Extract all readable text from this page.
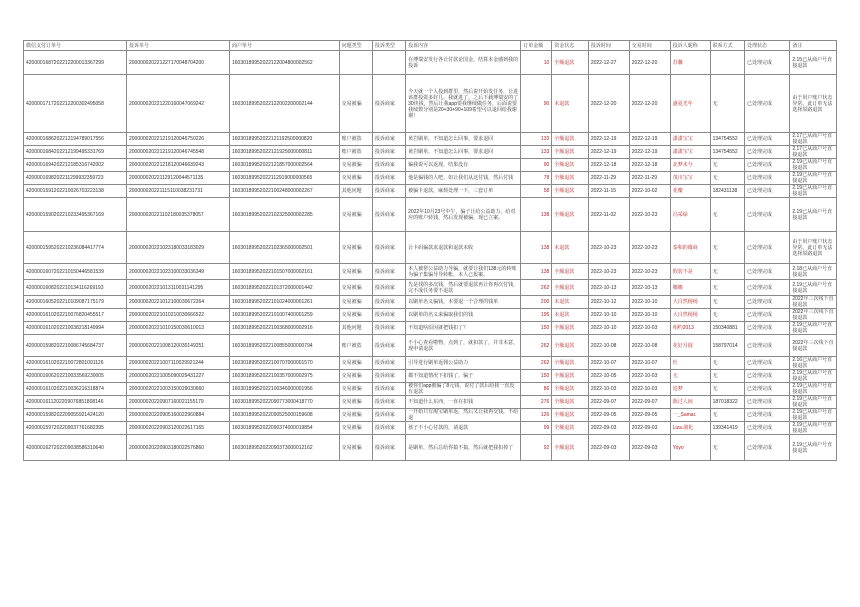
微信支付订单号	投诉单号	商户单号	问题类型	投诉类型	投诉内容	订单金额	资金状态	投诉时间	交易时间	投诉人昵称	联系方式	处理状态	备注
4200001687202212200013367299	200000020221227170048704200	16030189952022122004800002562			在博瑞安发行各让付款论国金，结算本金感到我的投诉	10	全额退款	2022-12-27	2022-12-20	苏馨		已处理完成	2.15已从商户号直接退款
4200001717202212200302495058	200000020221220160047069242	16030189952022122002200002144	交易被骗	投诉商家	今天就一个人投到群里，然后说开始发任务，让进该群投资多好几，我就进了，之后下载博瑞安的了30块钱，然后让我app要我继续做任务，后面说要我续数分别是20+30+90+109希望可以退回给我谢谢！	90	未退款	2022-12-20	2022-12-20	盛夏光年	无	已处理完成	由于用户账户状态异常，此订单无法选择原路退款
4200001686202212194789017556	200000020221219120046750226	16030189952022121192500000820	账户被盗	投诉商家	黄岩刷单，不知道怎么回事，要求退回	133	全额退款	2022-12-19	2022-12-19	潇潇宝宝	134754552	已处理完成	2.17已从商户号直接退款
4200001684202212199495331769	200000020221219120046745548	16030189952022121925000000811	账户被盗	投诉商家	黄岩刷单，不知道怎么回事，要求退回	133	全额退款	2022-12-19	2022-12-19	潇潇宝宝	134754552	已处理完成	2.17已从商户号直接退款
4200001694202212185316742002	200000020221218120046639243	16030189952022121857000002564	交易被骗	投诉商家	骗我说可以返现，结果没有	90	全额退款	2022-12-18	2022-12-18	北梦未兮	无	已处理完成	2.19已从商户号直接退款
4200001698202211299932359723	200000020221129120044571135	16030189952022112919000000565	交易被骗	投诉商家	他是骗钱的人吧，如让我们从这付钱，然后付钱	78	全额退款	2022-11-29	2022-11-29	茂川宝宝	无	已处理完成	2.19已从商户号直接退款
4200001591202210026703223138	200000020221115110038231731	16030189952022100248000002267	其他问题	投诉商家	被骗卡退款，麻烦处理一下，三套订单	58	全额退款	2022-11-15	2022-10-02	花瓣	182431138	已处理完成	2.19已从商户号直接退款
4200001590202210233495367169	200000020221102180035378057	16030189952022102325000002285	交易被骗	投诉商家	2022年10月23号中午，骗子让给公益助力，给对应的账户转钱，然后发现被骗，现已立案。	138	全额退款	2022-11-02	2022-10-23	冯采绿	无	已处理完成	2.19已从商户号直接退款
4200001595202210236084417774	200000020221023180033183029	16030189952022102365000002501	交易被骗	投诉商家	让卡码骗款求退款和退款未收	138	未退款	2022-10-23	2022-10-23	泰和的微商	无	已处理完成	由于用户账户状态异常，此订单无法选择原路退款
4200001607202210150446581539	200000020221023100033036349	16030189952022101507000002161	交易被骗	投诉商家	本人被帮公益助力导骗，就要让我们138元的转账为骗子集骗导导转帐，本人已报案。	138	全额退款	2022-10-23	2022-10-23	假装不是	无	已处理完成	2.18已从商户号直接退款
4200001608202210134116269193	200000020221013110031141295	16030189952022101372000001442	交易被骗	投诉商家	先是找的多次钱，然后就要退款再让你再次付钱，完不成任务要不退款	262	全额退款	2022-10-13	2022-10-13	娜娜	无	已处理完成	2.19已从商户号直接退款
4200001605202210109087175179	200000020221012100030672264	16030189952022101024000001261	交易被骗	投诉商家	以刷单名义骗钱，本要退一个合理的钱单	200	未退款	2022-10-12	2022-10-10	大白然杨杨	无	已处理完成	2022年三次线下直接退款
4200001610202210076820455517	200000020221010210030666522	16030189952022101007400001259	交易被骗	投诉商家	以刷单的名义来骗取我们的钱	195	未退款	2022-10-10	2022-10-10	大白然杨杨	无	已处理完成	2022年三次线下直接退款
4200001610202210038218149994	200000020221010150030610013	16030189952022100368000002916	其他问题	投诉商家	不知道啥原因就把钱扣了？	150	全额退款	2022-10-10	2022-10-03	相约2013	150340881	已处理完成	2.19已从商户号直接退款
4200001598202210086745684737	200000020221008120030149251	16030189952022100855000000794	账户被盗	投诉商家	不小心查看啦物，点到了，就扣款了，并非本意，现申请退款	262	全额退款	2022-10-08	2022-10-08	花好月圆	158797014	已处理完成	2022年三次线下直接退款
4200001610202210072801091126	200000020221007110029921244	16030189952022100707000001570	交易被骗	投诉商家	引导进行刷单返佣公益助力	262	全额退款	2022-10-07	2022-10-07	杜	无	已处理完成	2.16已从商户号直接退款
4200001606202210033569230005	200000020221005090029431227	16030189952022100357000002975	交易被骗	投诉商家	都不知道情况下扣钱了，骗子	150	全额退款	2022-10-05	2022-10-03	无	无	已处理完成	2.19已从商户号直接退款
4200001610202210036216318874	200000020221003150029030660	16030189952022100346000001956	交易被骗	投诉商家	被你们app被骗了8元钱，说付了款后给我一直没有退款	86	全额退款	2022-10-03	2022-10-03	追梦	无	已处理完成	2.19已从商户号直接退款
4200001611202209076851808146	200000020220907160021155179	16030189952022090773000418770	交易被骗	投诉商家	不知道什么东西，一直在扣钱	276	全额退款	2022-09-07	2022-09-07	陈过人间	187018322	已处理完成	2.19已从商户号直接退款
4200001598202209055921424120	200000020220905160022960884	16030189952022090525000159608	交易被骗	投诉商家	一开始只有淘宝刷单返，然后又让我再交钱，不给退	126	全额退款	2022-09-05	2022-09-05	一_Samar.	无	已处理完成	2.19已从商户号直接退款
4200001597202209037761682395	200000020220903120022617165	16030189952022090374000019854	交易被骗	投诉商家	孩子不小心付款的，请退款	99	全额退款	2022-09-03	2022-09-03	Liza.淑化	139341419	已处理完成	2.19已从商户号直接退款
4200001627202209038586310640	200000020220903180022576860	16030189952022090373000012162	交易被骗	投诉商家	是刷单，然后总给你搞不搞，然后就把我扣掉了	92	全额退款	2022-09-03	2022-09-03	Yoyo	无	已处理完成	2.19已从商户号直接退款
